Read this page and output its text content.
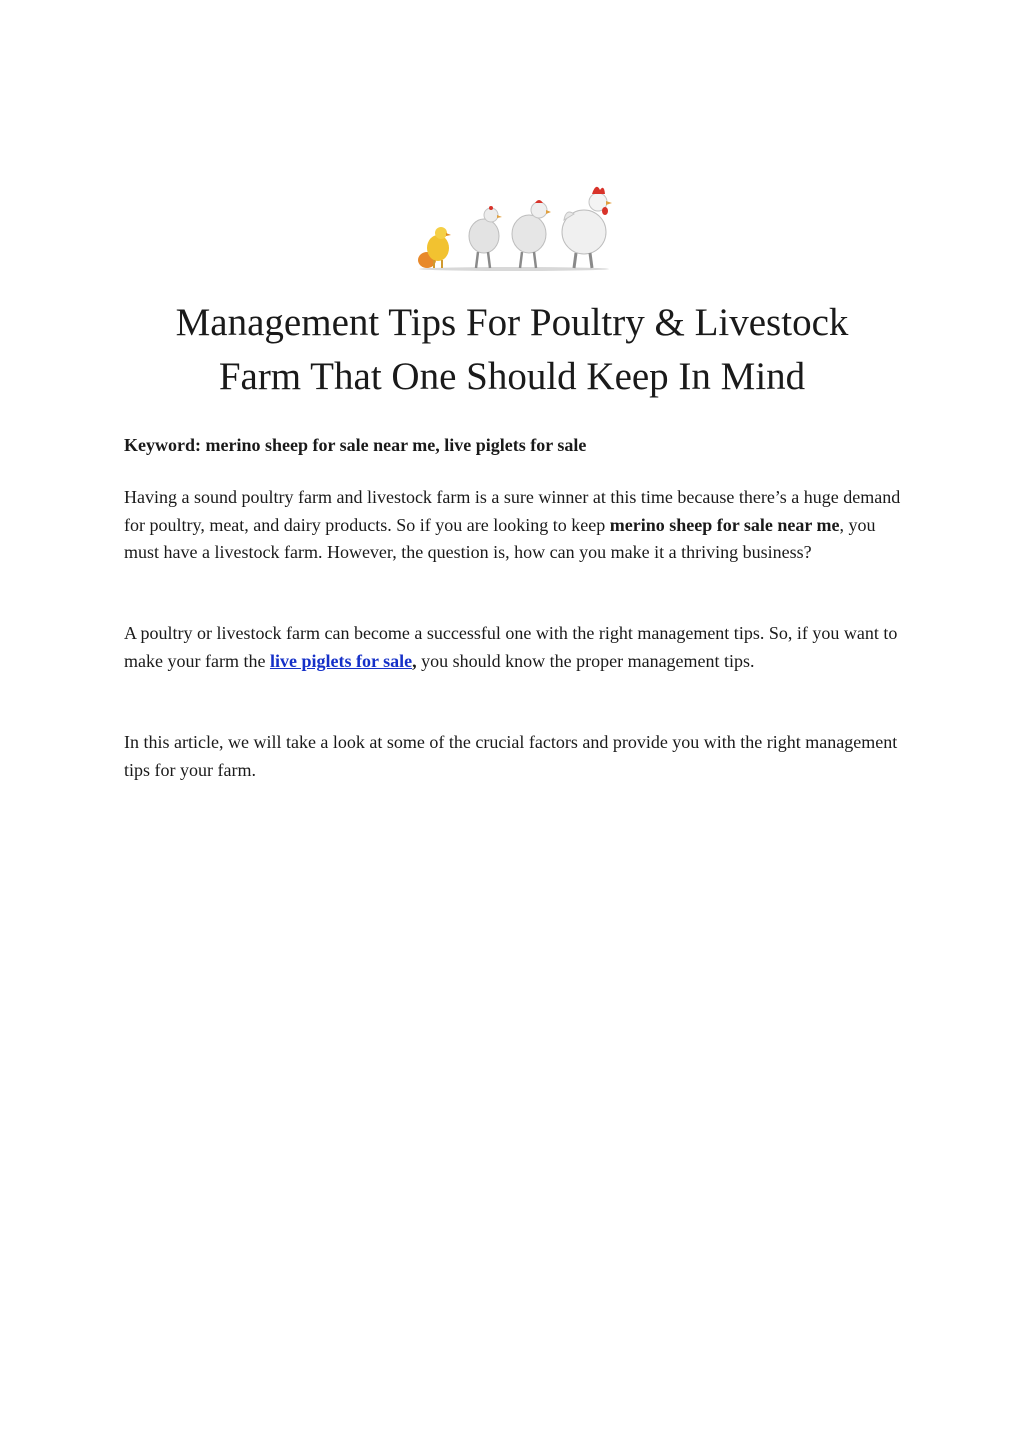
Management Tips For Poultry & Livestock
Farm That One Should Keep In Mind

Keyword: merino sheep for sale near me, live piglets for sale

Having a sound poultry farm and livestock farm is a sure winner at this time because there’s a huge demand for poultry, meat, and dairy products. So if you are looking to keep merino sheep for sale near me, you must have a livestock farm. However, the question is, how can you make it a thriving business?

A poultry or livestock farm can become a successful one with the right management tips. So, if you want to make your farm the live piglets for sale, you should know the proper management tips.

In this article, we will take a look at some of the crucial factors and provide you with the right management tips for your farm.
